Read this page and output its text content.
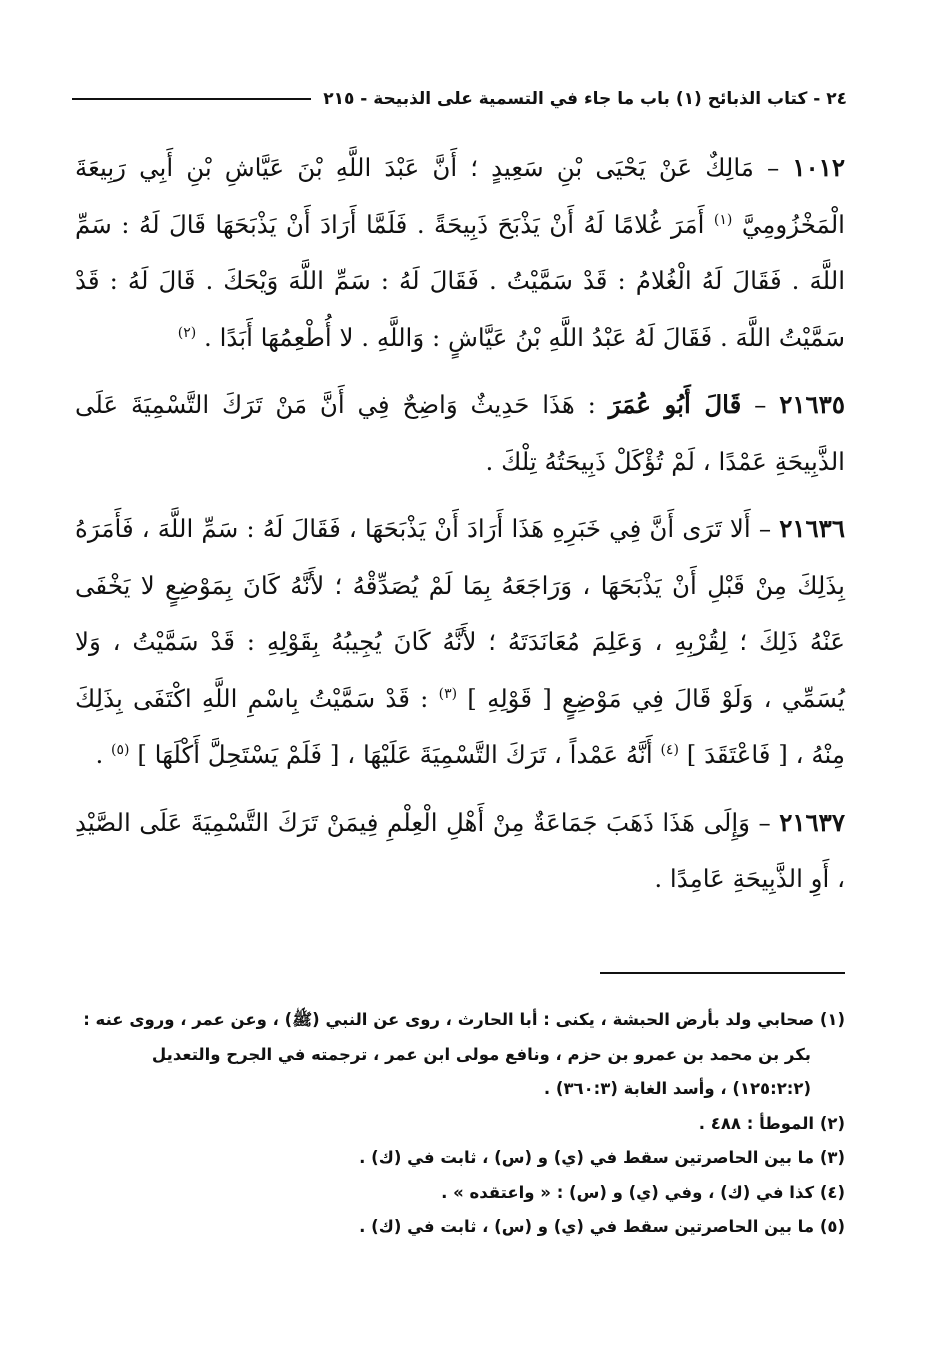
٢٤ - كتاب الذبائح (١) باب ما جاء في التسمية على الذبيحة - ٢١٥

١٠١٢ – مَالِكٌ عَنْ يَحْيَى بْنِ سَعِيدٍ ؛ أَنَّ عَبْدَ اللَّهِ بْنَ عَيَّاشِ بْنِ أَبِي رَبِيعَةَ الْمَخْزُومِيَّ $^{(١)}$ أَمَرَ غُلامًا لَهُ أَنْ يَذْبَحَ ذَبِيحَةً . فَلَمَّا أَرَادَ أَنْ يَذْبَحَهَا قَالَ لَهُ : سَمِّ اللَّهَ . فَقَالَ لَهُ الْغُلامُ : قَدْ سَمَّيْتُ . فَقَالَ لَهُ : سَمِّ اللَّهَ وَيْحَكَ . قَالَ لَهُ : قَدْ سَمَّيْتُ اللَّهَ . فَقَالَ لَهُ عَبْدُ اللَّهِ بْنُ عَيَّاشٍ : وَاللَّهِ . لا أُطْعِمُهَا أَبَدًا . $^{(٢)}$

٢١٦٣٥ – قَالَ أَبُو عُمَرَ : هَذَا حَدِيثٌ وَاضِحٌ فِي أَنَّ مَنْ تَرَكَ التَّسْمِيَةَ عَلَى الذَّبِيحَةِ عَمْدًا ، لَمْ تُؤْكَلْ ذَبِيحَتُهُ تِلْكَ .

٢١٦٣٦ – أَلا تَرَى أَنَّ فِي خَبَرِهِ هَذَا أَرَادَ أَنْ يَذْبَحَهَا ، فَقَالَ لَهُ : سَمِّ اللَّهَ ، فَأَمَرَهُ بِذَلِكَ مِنْ قَبْلِ أَنْ يَذْبَحَهَا ، وَرَاجَعَهُ بِمَا لَمْ يُصَدِّقْهُ ؛ لأَنَّهُ كَانَ بِمَوْضِعٍ لا يَخْفَى عَنْهُ ذَلِكَ ؛ لِقُرْبِهِ ، وَعَلِمَ مُعَانَدَتَهُ ؛ لأَنَّهُ كَانَ يُجِيبُهُ بِقَوْلِهِ : قَدْ سَمَّيْتُ ، وَلا يُسَمِّي ، وَلَوْ قَالَ فِي مَوْضِعٍ [ قَوْلِهِ ] $^{(٣)}$ : قَدْ سَمَّيْتُ بِاسْمِ اللَّهِ اكْتَفَى بِذَلِكَ مِنْهُ ، [ فَاعْتَقَدَ ] $^{(٤)}$ أَنَّهُ عَمْداً ، تَرَكَ التَّسْمِيَةَ عَلَيْهَا ، [ فَلَمْ يَسْتَحِلَّ أَكْلَهَا ] $^{(٥)}$ .

٢١٦٣٧ – وَإِلَى هَذَا ذَهَبَ جَمَاعَةٌ مِنْ أَهْلِ الْعِلْمِ فِيمَنْ تَرَكَ التَّسْمِيَةَ عَلَى الصَّيْدِ ، أَوِ الذَّبِيحَةِ عَامِدًا .

(١) صحابي ولد بأرض الحبشة ، يكنى : أبا الحارث ، روى عن النبي (ﷺ) ، وعن عمر ، وروى عنه :
بكر بن محمد بن عمرو بن حزم ، ونافع مولى ابن عمر ، ترجمته في الجرح والتعديل (١٢٥:٢:٢) ، وأسد الغابة (٣٦٠:٣) .

(٢) الموطأ : ٤٨٨ .

(٣) ما بين الحاصرتين سقط في (ي) و (س) ، ثابت في (ك) .

(٤) كذا في (ك) ، وفي (ي) و (س) : « واعتقده » .

(٥) ما بين الحاصرتين سقط في (ي) و (س) ، ثابت في (ك) .
